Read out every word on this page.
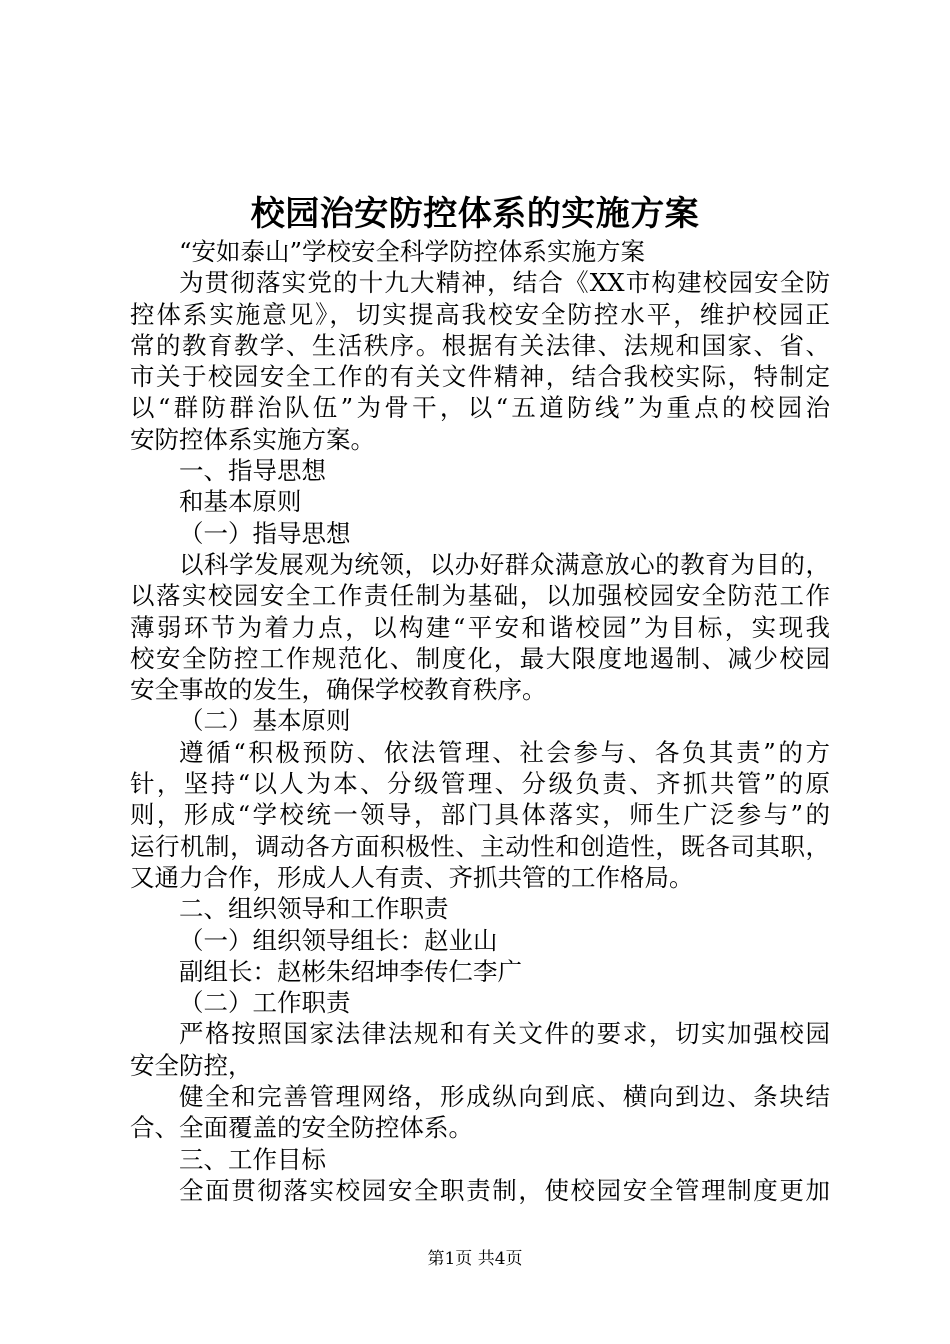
校园治安防控体系的实施方案
“安如泰山”学校安全科学防控体系实施方案
为贯彻落实党的十九大精神，结合《XX市构建校园安全防
控体系实施意见》，切实提高我校安全防控水平，维护校园正
常的教育教学、生活秩序。根据有关法律、法规和国家、省、
市关于校园安全工作的有关文件精神，结合我校实际，特制定
以“群防群治队伍”为骨干，以“五道防线”为重点的校园治
安防控体系实施方案。
一、指导思想
和基本原则
（一）指导思想
以科学发展观为统领，以办好群众满意放心的教育为目的，
以落实校园安全工作责任制为基础，以加强校园安全防范工作
薄弱环节为着力点，以构建“平安和谐校园”为目标，实现我
校安全防控工作规范化、制度化，最大限度地遏制、减少校园
安全事故的发生，确保学校教育秩序。
（二）基本原则
遵循“积极预防、依法管理、社会参与、各负其责”的方
针，坚持“以人为本、分级管理、分级负责、齐抓共管”的原
则，形成“学校统一领导，部门具体落实，师生广泛参与”的
运行机制，调动各方面积极性、主动性和创造性，既各司其职，
又通力合作，形成人人有责、齐抓共管的工作格局。
二、组织领导和工作职责
（一）组织领导组长：赵业山
副组长：赵彬朱绍坤李传仁李广
（二）工作职责
严格按照国家法律法规和有关文件的要求，切实加强校园
安全防控，
健全和完善管理网络，形成纵向到底、横向到边、条块结
合、全面覆盖的安全防控体系。
三、工作目标
全面贯彻落实校园安全职责制，使校园安全管理制度更加
第1页 共4页
